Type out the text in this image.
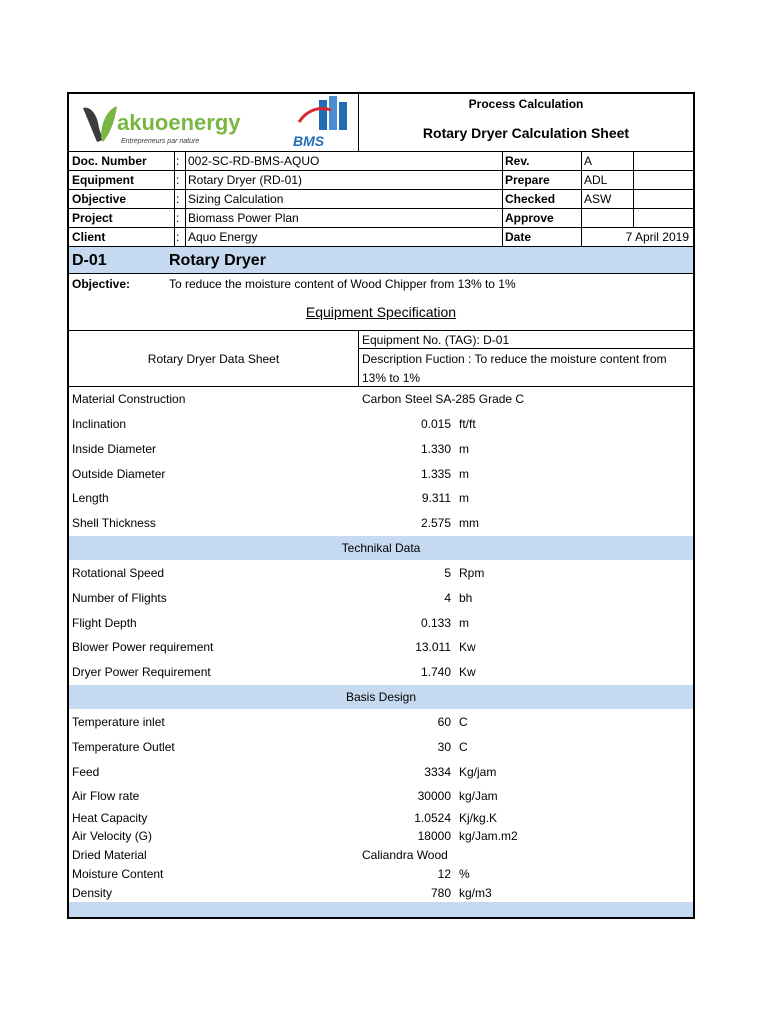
akuoenergy
Entrepreneurs par nature	BMS
Process Calculation
Rotary Dryer Calculation Sheet
Doc. Number : 002-SC-RD-BMS-AQUO	Rev.	A
Equipment	: Rotary Dryer (RD-01)	Prepare	ADL
Objective	: Sizing Calculation	Checked ASW
Project	: Biomass Power Plan	Approve
Client	: Aquo Energy	Date	7 April 2019
D-01	Rotary Dryer
Objective:	To reduce the moisture content of Wood Chipper from 13% to 1%
Equipment Specification
Rotary Dryer Data Sheet
Equipment No. (TAG): D-01
Description Fuction : To reduce the moisture content from
13% to 1%
Material Construction	Carbon Steel SA-285 Grade C
Inclination	0.015 ft/ft
Inside Diameter	1.330 m
Outside Diameter	1.335 m
Length	9.311 m
Shell Thickness	2.575 mm
Technikal Data
Rotational Speed	5 Rpm
Number of Flights	4 bh
Flight Depth	0.133 m
Blower Power requirement	13.011 Kw
Dryer Power Requirement	1.740 Kw
Basis Design
Temperature inlet	60 C
Temperature Outlet	30 C
Feed	3334 Kg/jam
Air Flow rate	30000 kg/Jam
Heat Capacity	1.0524 Kj/kg.K
Air Velocity (G)	18000 kg/Jam.m2
Dried Material	Caliandra Wood
Moisture Content	12 %
Density	780 kg/m3
